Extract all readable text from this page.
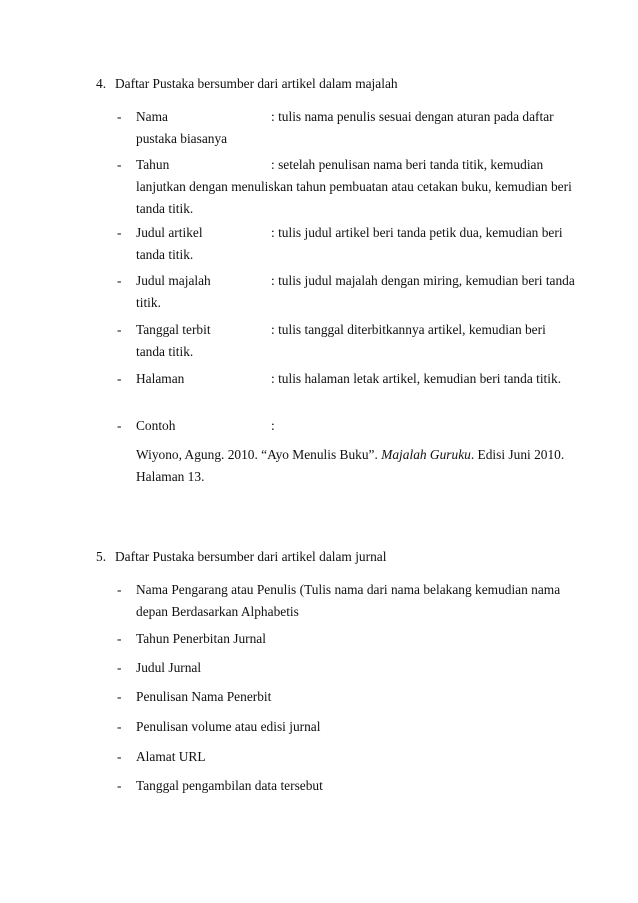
4. Daftar Pustaka bersumber dari artikel dalam majalah
- Nama	: tulis nama penulis sesuai dengan aturan pada daftar pustaka biasanya
- Tahun	: setelah penulisan nama beri tanda titik, kemudian lanjutkan dengan menuliskan tahun pembuatan atau cetakan buku, kemudian beri tanda titik.
- Judul artikel	: tulis judul artikel beri tanda petik dua, kemudian beri tanda titik.
- Judul majalah	: tulis judul majalah dengan miring, kemudian beri tanda titik.
- Tanggal terbit	: tulis tanggal diterbitkannya artikel, kemudian beri tanda titik.
- Halaman	: tulis halaman letak artikel, kemudian beri tanda titik.
- Contoh	:
Wiyono, Agung. 2010. “Ayo Menulis Buku”. Majalah Guruku. Edisi Juni 2010. Halaman 13.
5. Daftar Pustaka bersumber dari artikel dalam jurnal
- Nama Pengarang atau Penulis (Tulis nama dari nama belakang kemudian nama depan Berdasarkan Alphabetis
- Tahun Penerbitan Jurnal
- Judul Jurnal
- Penulisan Nama Penerbit
- Penulisan volume atau edisi jurnal
- Alamat URL
- Tanggal pengambilan data tersebut
